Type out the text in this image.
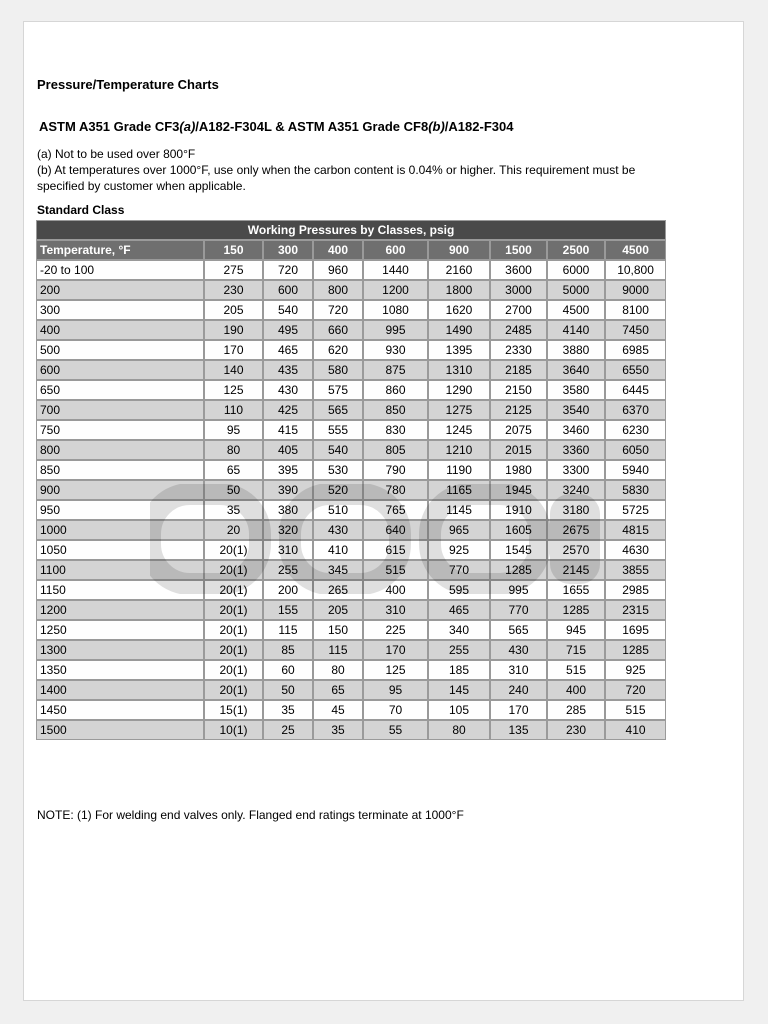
Pressure/Temperature Charts
ASTM A351 Grade CF3(a)/A182-F304L & ASTM A351 Grade CF8(b)/A182-F304

(a) Not to be used over 800°F

(b) At temperatures over 1000°F, use only when the carbon content is 0.04% or higher. This requirement must be specified by customer when applicable.

Standard Class
Working Pressures by Classes, psig								
Temperature, °F	150	300	400	600	900	1500	2500	4500
-20 to 100	275	720	960	1440	2160	3600	6000	10,800
200	230	600	800	1200	1800	3000	5000	9000
300	205	540	720	1080	1620	2700	4500	8100
400	190	495	660	995	1490	2485	4140	7450
500	170	465	620	930	1395	2330	3880	6985
600	140	435	580	875	1310	2185	3640	6550
650	125	430	575	860	1290	2150	3580	6445
700	110	425	565	850	1275	2125	3540	6370
750	95	415	555	830	1245	2075	3460	6230
800	80	405	540	805	1210	2015	3360	6050
850	65	395	530	790	1190	1980	3300	5940
900	50	390	520	780	1165	1945	3240	5830
950	35	380	510	765	1145	1910	3180	5725
1000	20	320	430	640	965	1605	2675	4815
1050	20(1)	310	410	615	925	1545	2570	4630
1100	20(1)	255	345	515	770	1285	2145	3855
1150	20(1)	200	265	400	595	995	1655	2985
1200	20(1)	155	205	310	465	770	1285	2315
1250	20(1)	115	150	225	340	565	945	1695
1300	20(1)	85	115	170	255	430	715	1285
1350	20(1)	60	80	125	185	310	515	925
1400	20(1)	50	65	95	145	240	400	720
1450	15(1)	35	45	70	105	170	285	515
1500	10(1)	25	35	55	80	135	230	410

NOTE: (1) For welding end valves only. Flanged end ratings terminate at 1000°F
